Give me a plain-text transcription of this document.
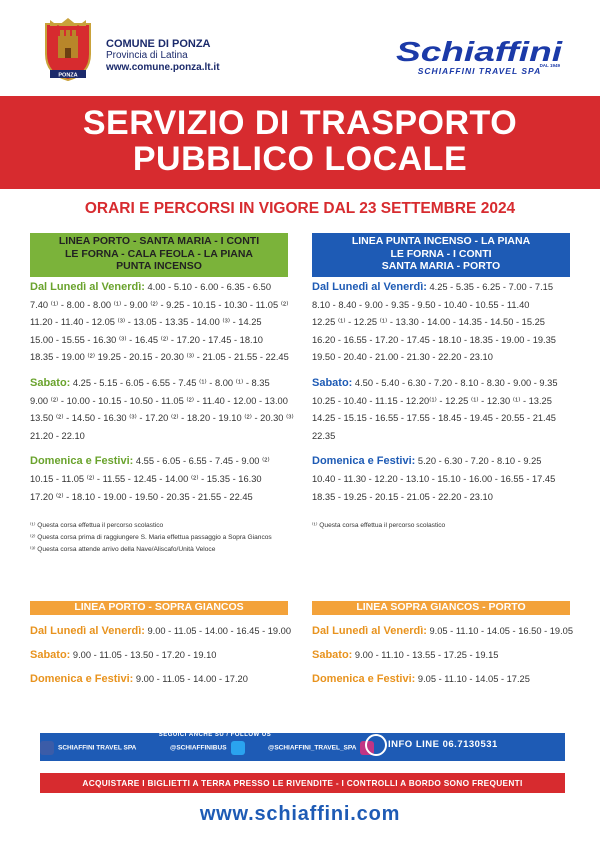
PONZA
COMUNE DI PONZA
Provincia di Latina
www.comune.ponza.lt.it
Schiaffini
DAL 1949
SCHIAFFINI TRAVEL SPA
SERVIZIO DI TRASPORTO
PUBBLICO LOCALE
ORARI E PERCORSI IN VIGORE DAL 23 SETTEMBRE 2024
LINEA PORTO - SANTA MARIA - I CONTI
LE FORNA - CALA FEOLA - LA PIANA
PUNTA INCENSO
Dal Lunedì al Venerdì: 4.00 - 5.10 - 6.00 - 6.35 - 6.50
7.40 ⁽¹⁾ - 8.00 - 8.00 ⁽¹⁾ - 9.00 ⁽²⁾ - 9.25 - 10.15 - 10.30 - 11.05 ⁽²⁾
11.20 - 11.40 - 12.05 ⁽³⁾ - 13.05 - 13.35 - 14.00 ⁽³⁾ - 14.25
15.00 - 15.55 - 16.30 ⁽³⁾ - 16.45 ⁽²⁾ - 17.20 - 17.45 - 18.10
18.35 - 19.00 ⁽²⁾ 19.25 - 20.15 - 20.30 ⁽³⁾ - 21.05 - 21.55 - 22.45
Sabato: 4.25 - 5.15 - 6.05 - 6.55 - 7.45 ⁽¹⁾ - 8.00 ⁽¹⁾ - 8.35
9.00 ⁽²⁾ - 10.00 - 10.15 - 10.50 - 11.05 ⁽²⁾ - 11.40 - 12.00 - 13.00
13.50 ⁽²⁾ - 14.50 - 16.30 ⁽³⁾ - 17.20 ⁽²⁾ - 18.20 - 19.10 ⁽²⁾ - 20.30 ⁽³⁾
21.20 - 22.10
Domenica e Festivi: 4.55 - 6.05 - 6.55 - 7.45 - 9.00 ⁽²⁾
10.15 - 11.05 ⁽²⁾ - 11.55 - 12.45 - 14.00 ⁽²⁾ - 15.35 - 16.30
17.20 ⁽²⁾ - 18.10 - 19.00 - 19.50 - 20.35 - 21.55 - 22.45
⁽¹⁾ Questa corsa effettua il percorso scolastico
⁽²⁾ Questa corsa prima di raggiungere S. Maria effettua passaggio a Sopra Giancos
⁽³⁾ Questa corsa attende arrivo della Nave/Aliscafo/Unità Veloce
LINEA PUNTA INCENSO - LA PIANA
LE FORNA - I CONTI
SANTA MARIA - PORTO
Dal Lunedì al Venerdì: 4.25 - 5.35 - 6.25 - 7.00 - 7.15
8.10 - 8.40 - 9.00 - 9.35 - 9.50 - 10.40 - 10.55 - 11.40
12.25 ⁽¹⁾ - 12.25 ⁽¹⁾ - 13.30 - 14.00 - 14.35 - 14.50 - 15.25
16.20 - 16.55 - 17.20 - 17.45 - 18.10 - 18.35 - 19.00 - 19.35
19.50 - 20.40 - 21.00 - 21.30 - 22.20 - 23.10
Sabato: 4.50 - 5.40 - 6.30 - 7.20 - 8.10 - 8.30 - 9.00 - 9.35
10.25 - 10.40 - 11.15 - 12.20⁽¹⁾ - 12.25 ⁽¹⁾ - 12.30 ⁽¹⁾ - 13.25
14.25 - 15.15 - 16.55 - 17.55 - 18.45 - 19.45 - 20.55 - 21.45
22.35
Domenica e Festivi: 5.20 - 6.30 - 7.20 - 8.10 - 9.25
10.40 - 11.30 - 12.20 - 13.10 - 15.10 - 16.00 - 16.55 - 17.45
18.35 - 19.25 - 20.15 - 21.05 - 22.20 - 23.10
⁽¹⁾ Questa corsa effettua il percorso scolastico
LINEA PORTO - SOPRA GIANCOS
Dal Lunedì al Venerdì: 9.00 - 11.05 - 14.00 - 16.45 - 19.00
Sabato: 9.00 - 11.05 - 13.50 - 17.20 - 19.10
Domenica e Festivi: 9.00 - 11.05 - 14.00 - 17.20
LINEA SOPRA GIANCOS - PORTO
Dal Lunedì al Venerdì: 9.05 - 11.10 - 14.05 - 16.50 - 19.05
Sabato: 9.00 - 11.10 - 13.55 - 17.25 - 19.15
Domenica e Festivi: 9.05 - 11.10 - 14.05 - 17.25
SEGUICI ANCHE SU / FOLLOW US
SCHIAFFINI TRAVEL SPA	@SCHIAFFINIBUS	@SCHIAFFINI_TRAVEL_SPA	INFO LINE 06.7130531
ACQUISTARE I BIGLIETTI A TERRA PRESSO LE RIVENDITE - I CONTROLLI A BORDO SONO FREQUENTI
www.schiaffini.com
